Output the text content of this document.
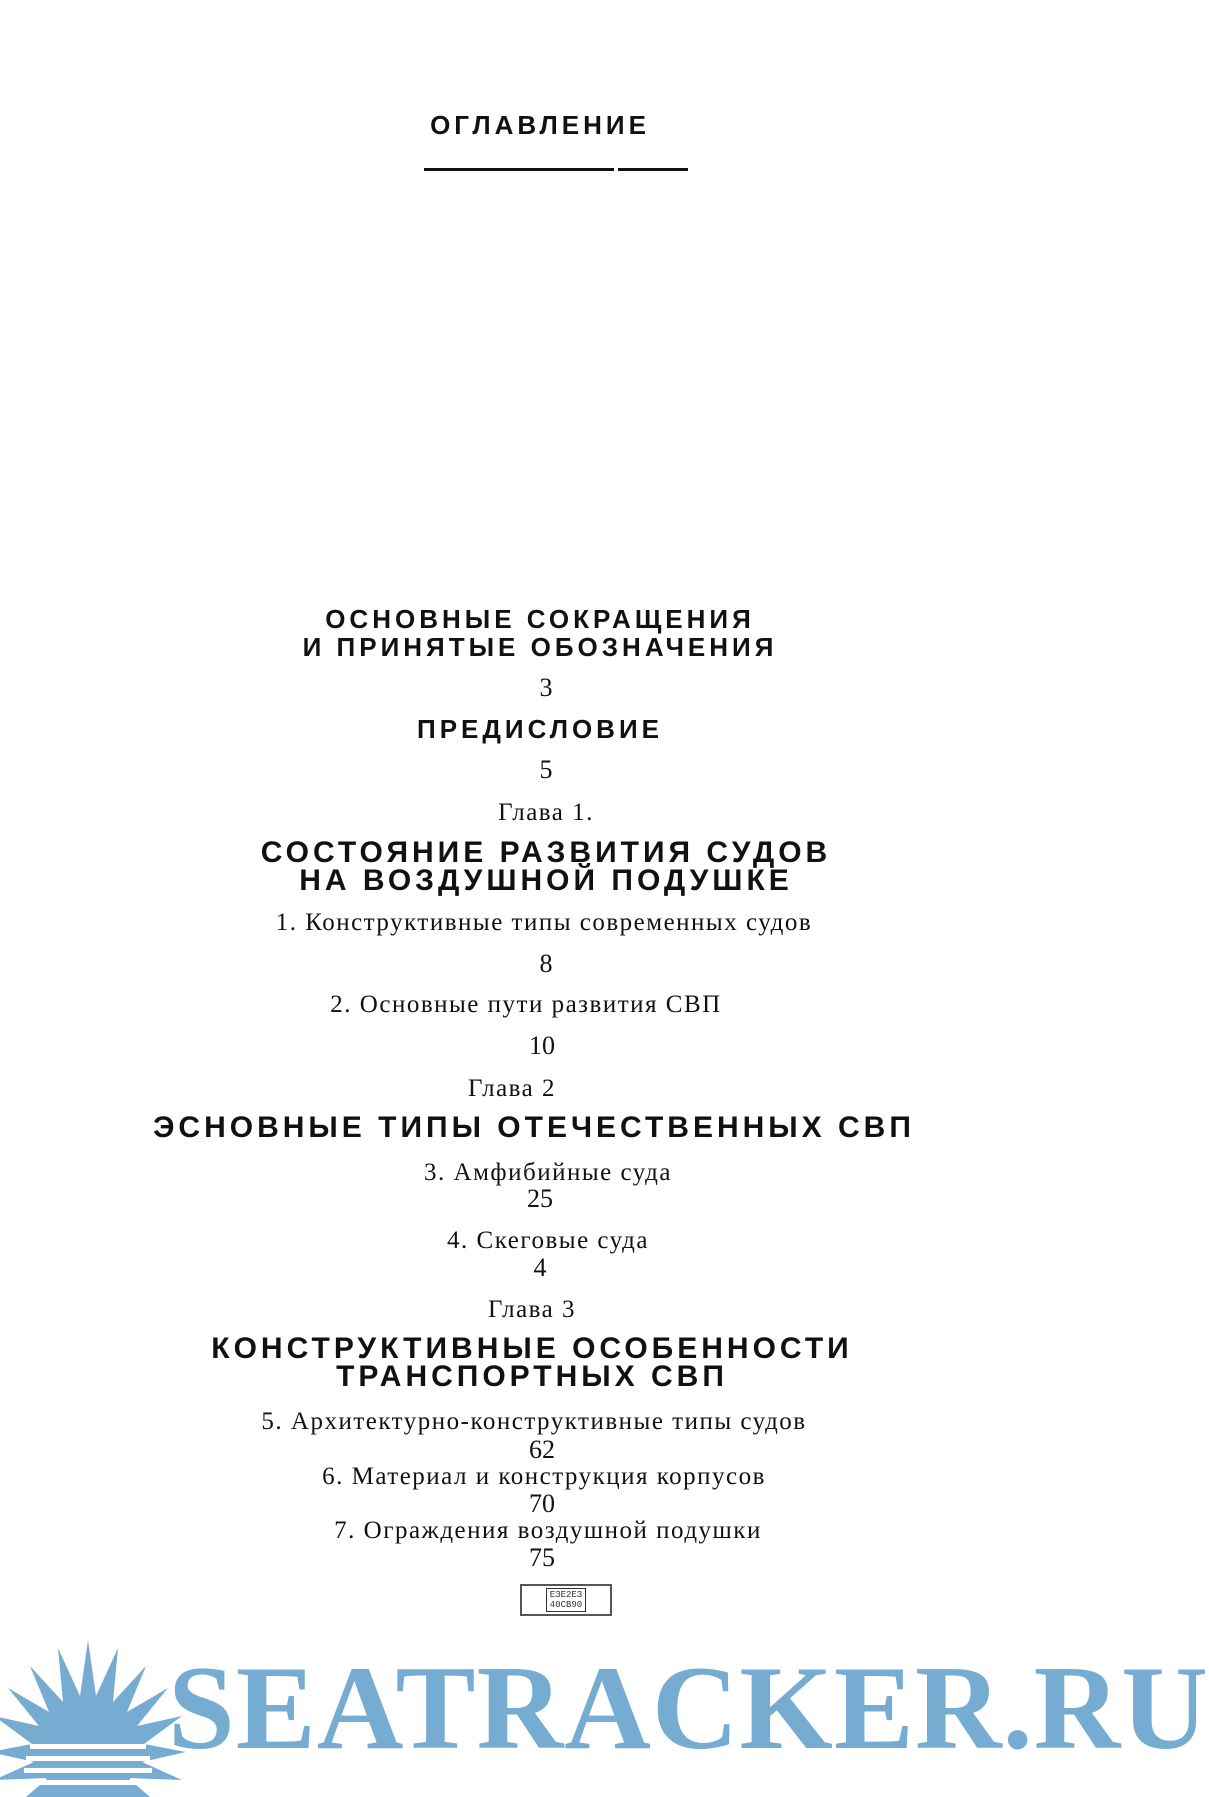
ОГЛАВЛЕНИЕ
ОСНОВНЫЕ СОКРАЩЕНИЯ
И ПРИНЯТЫЕ ОБОЗНАЧЕНИЯ
3
ПРЕДИСЛОВИЕ
5
Глава 1.
СОСТОЯНИЕ РАЗВИТИЯ СУДОВ
НА ВОЗДУШНОЙ ПОДУШКЕ
1. Конструктивные типы современных судов
8
2. Основные пути развития СВП
10
Глава 2
ЭСНОВНЫЕ ТИПЫ ОТЕЧЕСТВЕННЫХ СВП
3. Амфибийные суда
25
4. Скеговые суда
4
Глава 3
КОНСТРУКТИВНЫЕ ОСОБЕННОСТИ
ТРАНСПОРТНЫХ СВП
5. Архитектурно-конструктивные типы судов
62
6. Материал и конструкция корпусов
70
7. Ограждения воздушной подушки
75
ЕЗЕ2ЕЗ
40СВ90
SEATRACKER.RU
